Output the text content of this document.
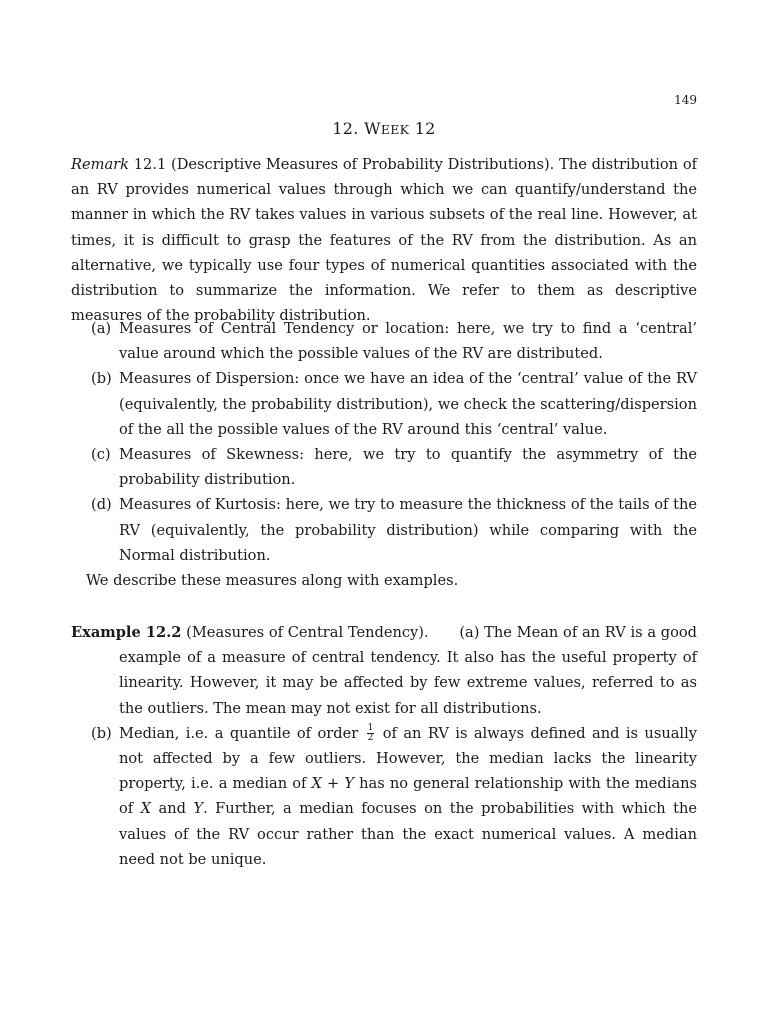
149
12. WEEK 12
Remark 12.1 (Descriptive Measures of Probability Distributions). The distribution of an RV provides numerical values through which we can quantify/understand the manner in which the RV takes values in various subsets of the real line. However, at times, it is difficult to grasp the features of the RV from the distribution. As an alternative, we typically use four types of numerical quantities associated with the distribution to summarize the information. We refer to them as descriptive measures of the probability distribution.
(a) Measures of Central Tendency or location: here, we try to find a ‘central’ value around which the possible values of the RV are distributed.
(b) Measures of Dispersion: once we have an idea of the ‘central’ value of the RV (equivalently, the probability distribution), we check the scattering/dispersion of the all the possible values of the RV around this ‘central’ value.
(c) Measures of Skewness: here, we try to quantify the asymmetry of the probability distribution.
(d) Measures of Kurtosis: here, we try to measure the thickness of the tails of the RV (equivalently, the probability distribution) while comparing with the Normal distribution.
We describe these measures along with examples.
Example 12.2 (Measures of Central Tendency). (a) The Mean of an RV is a good example of a measure of central tendency. It also has the useful property of linearity. However, it may be affected by few extreme values, referred to as the outliers. The mean may not exist for all distributions.
(b) Median, i.e. a quantile of order $\frac{1}{2}$ of an RV is always defined and is usually not affected by a few outliers. However, the median lacks the linearity property, i.e. a median of X + Y has no general relationship with the medians of X and Y. Further, a median focuses on the probabilities with which the values of the RV occur rather than the exact numerical values. A median need not be unique.
